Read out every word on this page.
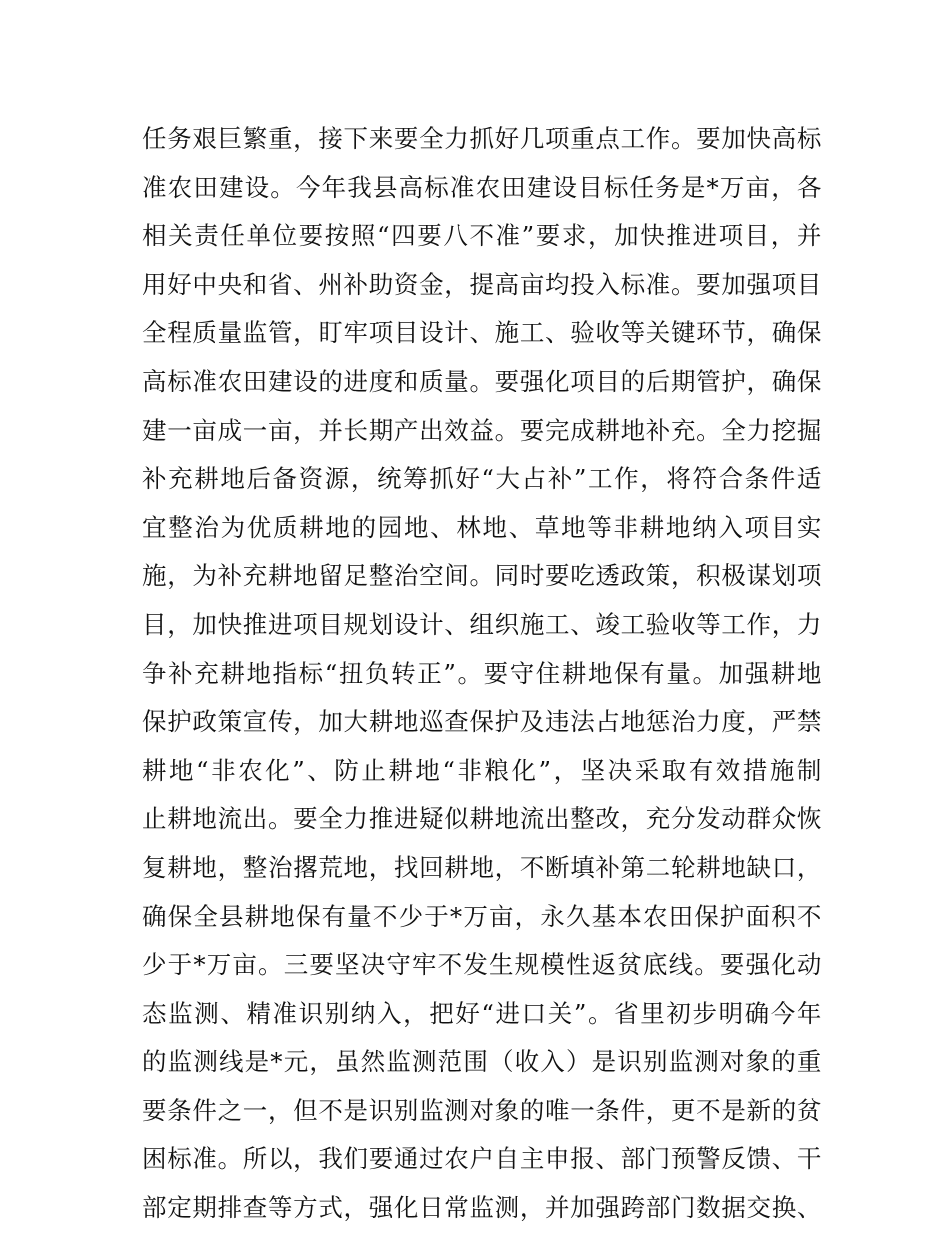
任务艰巨繁重，接下来要全力抓好几项重点工作。要加快高标
准农田建设。今年我县高标准农田建设目标任务是*万亩，各
相关责任单位要按照“四要八不准”要求，加快推进项目，并
用好中央和省、州补助资金，提高亩均投入标准。要加强项目
全程质量监管，盯牢项目设计、施工、验收等关键环节，确保
高标准农田建设的进度和质量。要强化项目的后期管护，确保
建一亩成一亩，并长期产出效益。要完成耕地补充。全力挖掘
补充耕地后备资源，统筹抓好“大占补”工作，将符合条件适
宜整治为优质耕地的园地、林地、草地等非耕地纳入项目实
施，为补充耕地留足整治空间。同时要吃透政策，积极谋划项
目，加快推进项目规划设计、组织施工、竣工验收等工作，力
争补充耕地指标“扭负转正”。要守住耕地保有量。加强耕地
保护政策宣传，加大耕地巡查保护及违法占地惩治力度，严禁
耕地“非农化”、防止耕地“非粮化”，坚决采取有效措施制
止耕地流出。要全力推进疑似耕地流出整改，充分发动群众恢
复耕地，整治撂荒地，找回耕地，不断填补第二轮耕地缺口，
确保全县耕地保有量不少于*万亩，永久基本农田保护面积不
少于*万亩。三要坚决守牢不发生规模性返贫底线。要强化动
态监测、精准识别纳入，把好“进口关”。省里初步明确今年
的监测线是*元，虽然监测范围（收入）是识别监测对象的重
要条件之一，但不是识别监测对象的唯一条件，更不是新的贫
困标准。所以，我们要通过农户自主申报、部门预警反馈、干
部定期排查等方式，强化日常监测，并加强跨部门数据交换、
